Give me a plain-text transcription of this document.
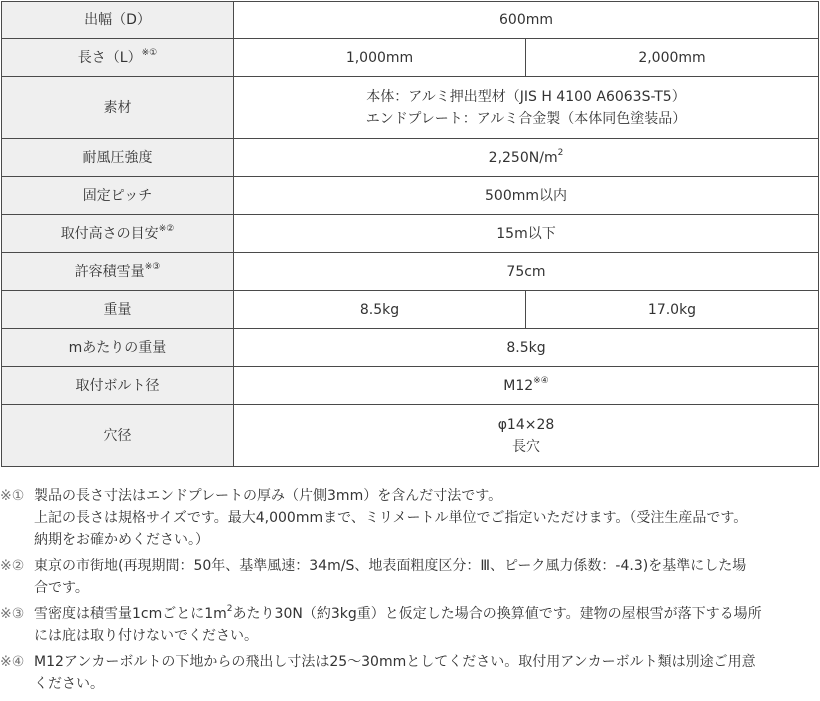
出幅（D）	600mm	
長さ（L）※①	1,000mm	2,000mm
素材	本体：アルミ押出型材（JIS H 4100 A6063S-T5）
エンドプレート：アルミ合金製（本体同色塗装品）	

耐風圧強度	$2,250N/m^2$
固定ピッチ	500mm以内	
取付高さの目安※②	15m以下	
許容積雪量※③	75cm	
重量	8.5kg	17.0kg
mあたりの重量	8.5kg	
取付ボルト径	M12※④
穴径	φ14×28
長穴	
※① 製品の長さ寸法はエンドプレートの厚み（片側3mm）を含んだ寸法です。
上記の長さは規格サイズです。最大4,000mmまで、ミリメートル単位でご指定いただけます。（受注生産品です。
納期をお確かめください。）
※② 東京の市街地(再現期間：50年、基準風速：34m/S、地表面粗度区分：Ⅲ、ピーク風力係数：-4.3)を基準にした場
合です。
※③ 雪密度は積雪量1cmごとに$1m^2$あたり30N（約3kg重）と仮定した場合の換算値です。建物の屋根雪が落下する場所
には庇は取り付けないでください。
※④ M12アンカーボルトの下地からの飛出し寸法は25～30mmとしてください。取付用アンカーボルト類は別途ご用意
ください。
